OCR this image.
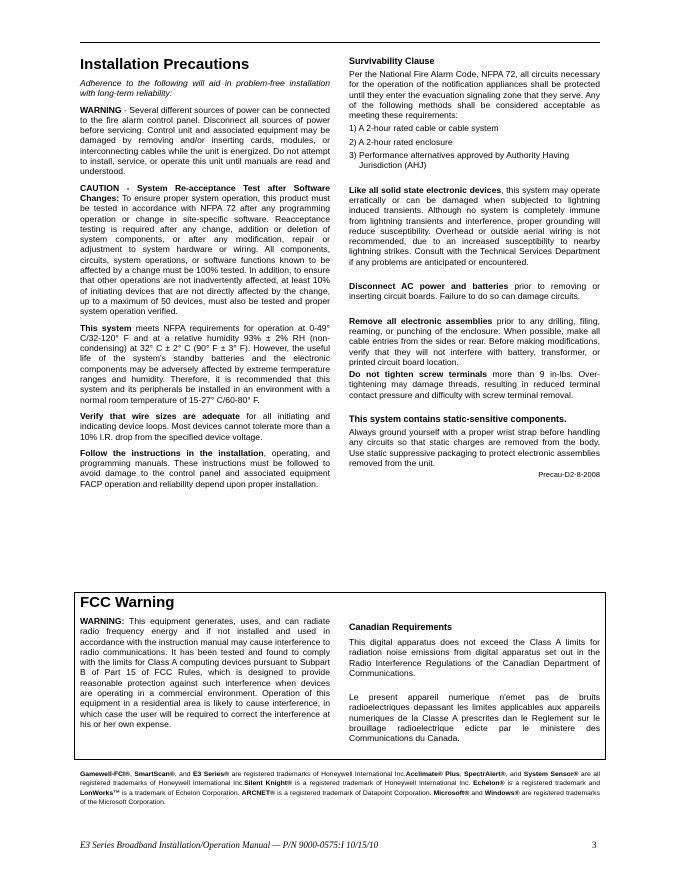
Installation Precautions

Adherence to the following will aid in problem-free installation with long-term reliability:

WARNING - Several different sources of power can be connected to the fire alarm control panel. Disconnect all sources of power before servicing. Control unit and associated equipment may be damaged by removing and/or inserting cards, modules, or interconnecting cables while the unit is energized. Do not attempt to install, service, or operate this unit until manuals are read and understood.

CAUTION - System Re-acceptance Test after Software Changes: To ensure proper system operation, this product must be tested in accordance with NFPA 72 after any programming operation or change in site-specific software. Reacceptance testing is required after any change, addition or deletion of system components, or after any modification, repair or adjustment to system hardware or wiring. All components, circuits, system operations, or software functions known to be affected by a change must be 100% tested. In addition, to ensure that other operations are not inadvertently affected, at least 10% of initiating devices that are not directly affected by the change, up to a maximum of 50 devices, must also be tested and proper system operation verified.

This system meets NFPA requirements for operation at 0-49° C/32-120° F and at a relative humidity 93% ± 2% RH (non-condensing) at 32° C ± 2° C (90° F ± 3° F). However, the useful life of the system's standby batteries and the electronic components may be adversely affected by extreme termperature ranges and humidity. Therefore, it is recommended that this system and its peripherals be installed in an environment with a normal room temperature of 15-27° C/60-80° F.

Verify that wire sizes are adequate for all initiating and indicating device loops. Most devices cannot tolerate more than a 10% I.R. drop from the specified device voltage.

Follow the instructions in the installation, operating, and programming manuals. These instructions must be followed to avoid damage to the control panel and associated equipment FACP operation and reliability depend upon proper installation.

Survivability Clause

Per the National Fire Alarm Code, NFPA 72, all circuits necessary for the operation of the notification appliances shall be protected until they enter the evacuation signaling zone that they serve. Any of the following methods shall be considered acceptable as meeting these requirements:

1) A 2-hour rated cable or cable system
2) A 2-hour rated enclosure
3) Performance alternatives approved by Authority Having Jurisdiction (AHJ)

Like all solid state electronic devices, this system may operate erratically or can be damaged when subjected to lightning induced transients. Although no system is completely immune from lightning transients and interference, proper grounding will reduce susceptibility. Overhead or outside aerial wiring is not recommended, due to an increased susceptibility to nearby lightning strikes. Consult with the Technical Services Department if any problems are anticipated or encountered.

Disconnect AC power and batteries prior to removing or inserting circuit boards. Failure to do so can damage circuits.

Remove all electronic assemblies prior to any drilling, filing, reaming, or punching of the enclosure. When possible, make all cable entries from the sides or rear. Before making modifications, verify that they will not interfere with battery, transformer, or printed circuit board location.

Do not tighten screw terminals more than 9 in-lbs. Over-tightening may damage threads, resulting in reduced terminal contact pressure and difficulty with screw terminal removal.

This system contains static-sensitive components.

Always ground yourself with a proper wrist strap before handling any circuits so that static charges are removed from the body. Use static suppressive packaging to protect electronic assemblies removed from the unit.

Precau-D2-8-2008
FCC Warning
WARNING: This equipment generates, uses, and can radiate radio frequency energy and if not installed and used in accordance with the instruction manual may cause interference to radio communications. It has been tested and found to comply with the limits for Class A computing devices pursuant to Subpart B of Part 15 of FCC Rules, which is designed to provide reasonable protection against such interference when devices are operating in a commercial environment. Operation of this equipment in a residential area is likely to cause interference, in which case the user will be required to correct the interference at his or her own expense.
Canadian Requirements

This digital apparatus does not exceed the Class A limits for radiation noise emissions from digital apparatus set out in the Radio Interference Regulations of the Canadian Department of Communications.

Le present appareil numerique n'emet pas de bruits radioelectriques depassant les limites applicables aux appareils numeriques de la Classe A prescrites dan le Reglement sur le brouillage radioelectrique edicte par le ministere des Communications du Canada.

Gamewell-FCI®, SmartScan®, and E3 Series® are registered trademarks of Honeywell International Inc.Acclimate® Plus, SpectrAlert®, and System Sensor® are all registered trademarks of Honeywell International Inc.Silent Knight® is a registered trademark of Honeywell International Inc. Echelon® is a registered trademark and LonWorks™ is a trademark of Echelon Corporation. ARCNET® is a registered trademark of Datapoint Corporation. Microsoft® and Windows® are registered trademarks of the Microsoft Corporation.
E3 Series Broadband Installation/Operation Manual — P/N 9000-0575:I 10/15/10	3
